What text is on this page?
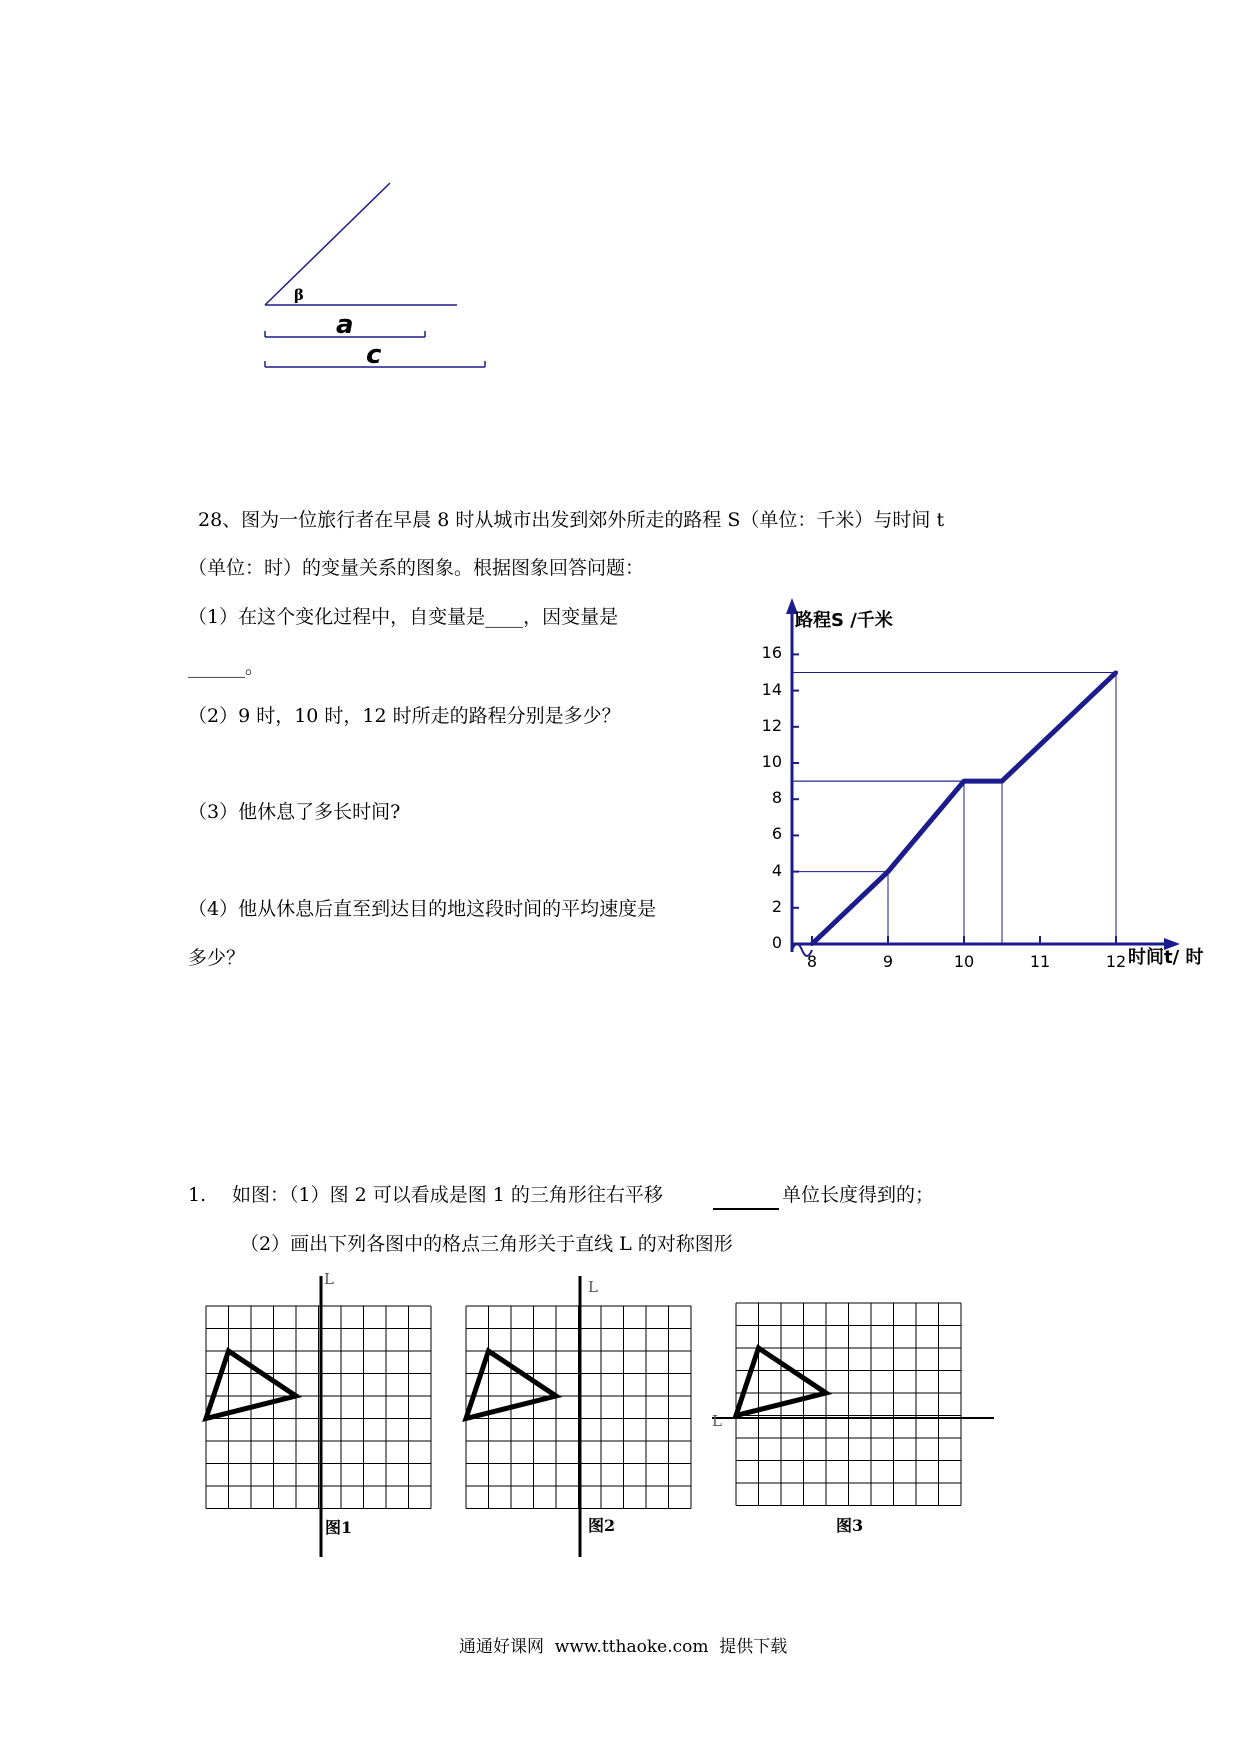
β
a
c
28、图为一位旅行者在早晨 8 时从城市出发到郊外所走的路程 S（单位：千米）与时间 t
（单位：时）的变量关系的图象。根据图象回答问题：
（1）在这个变化过程中，自变量是____，因变量是
______。
（2）9 时，10 时，12 时所走的路程分别是多少？
（3）他休息了多长时间?
（4）他从休息后直至到达目的地这段时间的平均速度是
多少？
路程S /千米
时间t/ 时
0
2
4
6
8
10
12
14
16
8	9	10	11	12
1. 如图：（1）图 2 可以看成是图 1 的三角形往右平移	单位长度得到的；
（2）画出下列各图中的格点三角形关于直线 L 的对称图形
图1	图2	图3
L	L
L
通通好课网  www.tthaoke.com  提供下载
